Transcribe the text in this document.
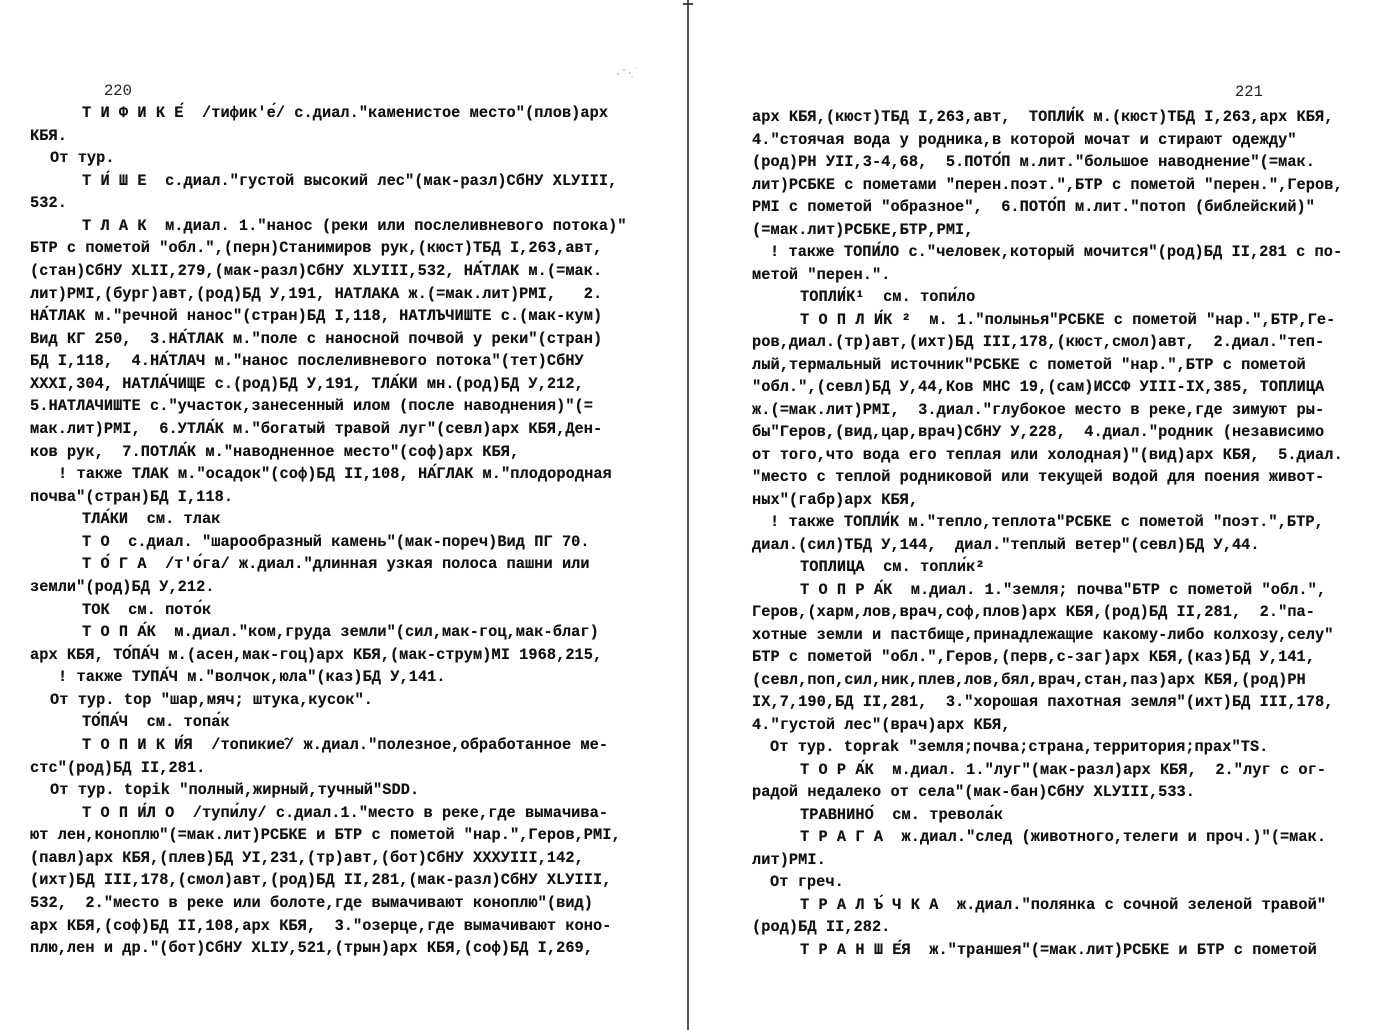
220
Т И Ф И К Е́  /тифик'е́/ с.диал."каменистое место"(плов)арх
КБЯ.
От тур.
Т И́ Ш Е  с.диал."густой высокий лес"(мак-разл)СбНУ XLУIII,
532.
Т Л А К  м.диал. 1."нанос (реки или послеливневого потока)"
БТР с пометой "обл.",(перн)Станимиров рук,(кюст)ТБД I,263,авт,
(стан)СбНУ XLII,279,(мак-разл)СбНУ XLУIII,532, НА́ТЛАК м.(=мак.
лит)PMI,(бург)авт,(род)БД У,191, НАТЛАКА ж.(=мак.лит)PMI,   2.
НА́ТЛАК м."речной нанос"(стран)БД I,118, НАТЛЪЧИШТЕ с.(мак-кум)
Вид КГ 250,  3.НА́ТЛАК м."поле с наносной почвой у реки"(стран)
БД I,118,  4.НА́ТЛАЧ м."нанос послеливневого потока"(тет)СбНУ
XXXI,304, НАТЛА́ЧИЩЕ с.(род)БД У,191, ТЛА́КИ мн.(род)БД У,212,
5.НАТЛАЧИШТЕ с."участок,занесенный илом (после наводнения)"(=
мак.лит)PMI,  6.УТЛА́К м."богатый травой луг"(севл)арх КБЯ,Ден-
ков рук,  7.ПОТЛА́К м."наводненное место"(соф)арх КБЯ,
! также ТЛАК м."осадок"(соф)БД II,108, НА́ГЛАК м."плодородная
почва"(стран)БД I,118.
ТЛА́КИ  см. тлак
Т О  с.диал. "шарообразный камень"(мак-пореч)Вид ПГ 70.
Т О́ Г А  /т'о́га/ ж.диал."длинная узкая полоса пашни или
земли"(род)БД У,212.
ТОК  см. пото́к
Т О П А́К  м.диал."ком,груда земли"(сил,мак-гоц,мак-благ)
арх КБЯ, ТО́ПА́Ч м.(асен,мак-гоц)арх КБЯ,(мак-струм)МI 1968,215,
! также ТУПА́Ч м."волчок,юла"(каз)БД У,141.
От тур. top "шар,мяч; штука,кусок".
ТО́ПА́Ч  см. топа́к
Т О П И К И́Я  /топикие̂/ ж.диал."полезное,обработанное ме-
стс"(род)БД II,281.
От тур. topik "полный,жирный,тучный"SDD.
Т О П И́Л О  /тупи́лу/ с.диал.1."место в реке,где вымачива-
ют лен,коноплю"(=мак.лит)РСБКЕ и БТР с пометой "нар.",Геров,PMI,
(павл)арх КБЯ,(плев)БД УI,231,(тр)авт,(бот)СбНУ XXXУIII,142,
(ихт)БД III,178,(смол)авт,(род)БД II,281,(мак-разл)СбНУ XLУIII,
532,  2."место в реке или болоте,где вымачивают коноплю"(вид)
арх КБЯ,(соф)БД II,108,арх КБЯ,  3."озерце,где вымачивают коно-
плю,лен и др."(бот)СбНУ XLIУ,521,(трын)арх КБЯ,(соф)БД I,269,
221
арх КБЯ,(кюст)ТБД I,263,авт,  ТОПЛИ́К м.(кюст)ТБД I,263,арх КБЯ,
4."стоячая вода у родника,в которой мочат и стирают одежду"
(род)РН УII,3-4,68,  5.ПОТО́П м.лит."большое наводнение"(=мак.
лит)РСБКЕ с пометами "перен.поэт.",БТР с пометой "перен.",Геров,
PMI с пометой "образное",  6.ПОТО́П м.лит."потоп (библейский)"
(=мак.лит)РСБКЕ,БТР,PMI,
! также ТОПИ́ЛО с."человек,который мочится"(род)БД II,281 с по-
метой "перен.".
ТОПЛИ́К¹  см. топи́ло
Т О П Л И́К ²  м. 1."полынья"РСБКЕ с пометой "нар.",БТР,Ге-
ров,диал.(тр)авт,(ихт)БД III,178,(кюст,смол)авт,  2.диал."теп-
лый,термальный источник"РСБКЕ с пометой "нар.",БТР с пометой
"обл.",(севл)БД У,44,Ков МНС 19,(сам)ИССФ УIII-IX,385, ТОПЛИЦА
ж.(=мак.лит)PMI,  3.диал."глубокое место в реке,где зимуют ры-
бы"Геров,(вид,цар,врач)СбНУ У,228,  4.диал."родник (независимо
от того,что вода его теплая или холодная)"(вид)арх КБЯ,  5.диал.
"место с теплой родниковой или текущей водой для поения живот-
ных"(габр)арх КБЯ,
! также ТОПЛИ́К м."тепло,теплота"РСБКЕ с пометой "поэт.",БТР,
диал.(сил)ТБД У,144,  диал."теплый ветер"(севл)БД У,44.
ТОПЛИЦА  см. топли́к²
Т О П Р А́К  м.диал. 1."земля; почва"БТР с пометой "обл.",
Геров,(харм,лов,врач,соф,плов)арх КБЯ,(род)БД II,281,  2."па-
хотные земли и пастбище,принадлежащие какому-либо колхозу,селу"
БТР с пометой "обл.",Геров,(перв,с-заг)арх КБЯ,(каз)БД У,141,
(севл,поп,сил,ник,плев,лов,бял,врач,стан,паз)арх КБЯ,(род)РН
IX,7,190,БД II,281,  3."хорошая пахотная земля"(ихт)БД III,178,
4."густой лес"(врач)арх КБЯ,
От тур. toprak "земля;почва;страна,территория;прах"TS.
Т О Р А́К  м.диал. 1."луг"(мак-разл)арх КБЯ,  2."луг с ог-
радой недалеко от села"(мак-бан)СбНУ XLУIII,533.
ТРАВНИНО́  см. тревола́к
Т Р А Г А  ж.диал."след (животного,телеги и проч.)"(=мак.
лит)PMI.
От греч.
Т Р А Л Ъ́ Ч К А  ж.диал."полянка с сочной зеленой травой"
(род)БД II,282.
Т Р А Н Ш Е́Я  ж."траншея"(=мак.лит)РСБКЕ и БТР с пометой
